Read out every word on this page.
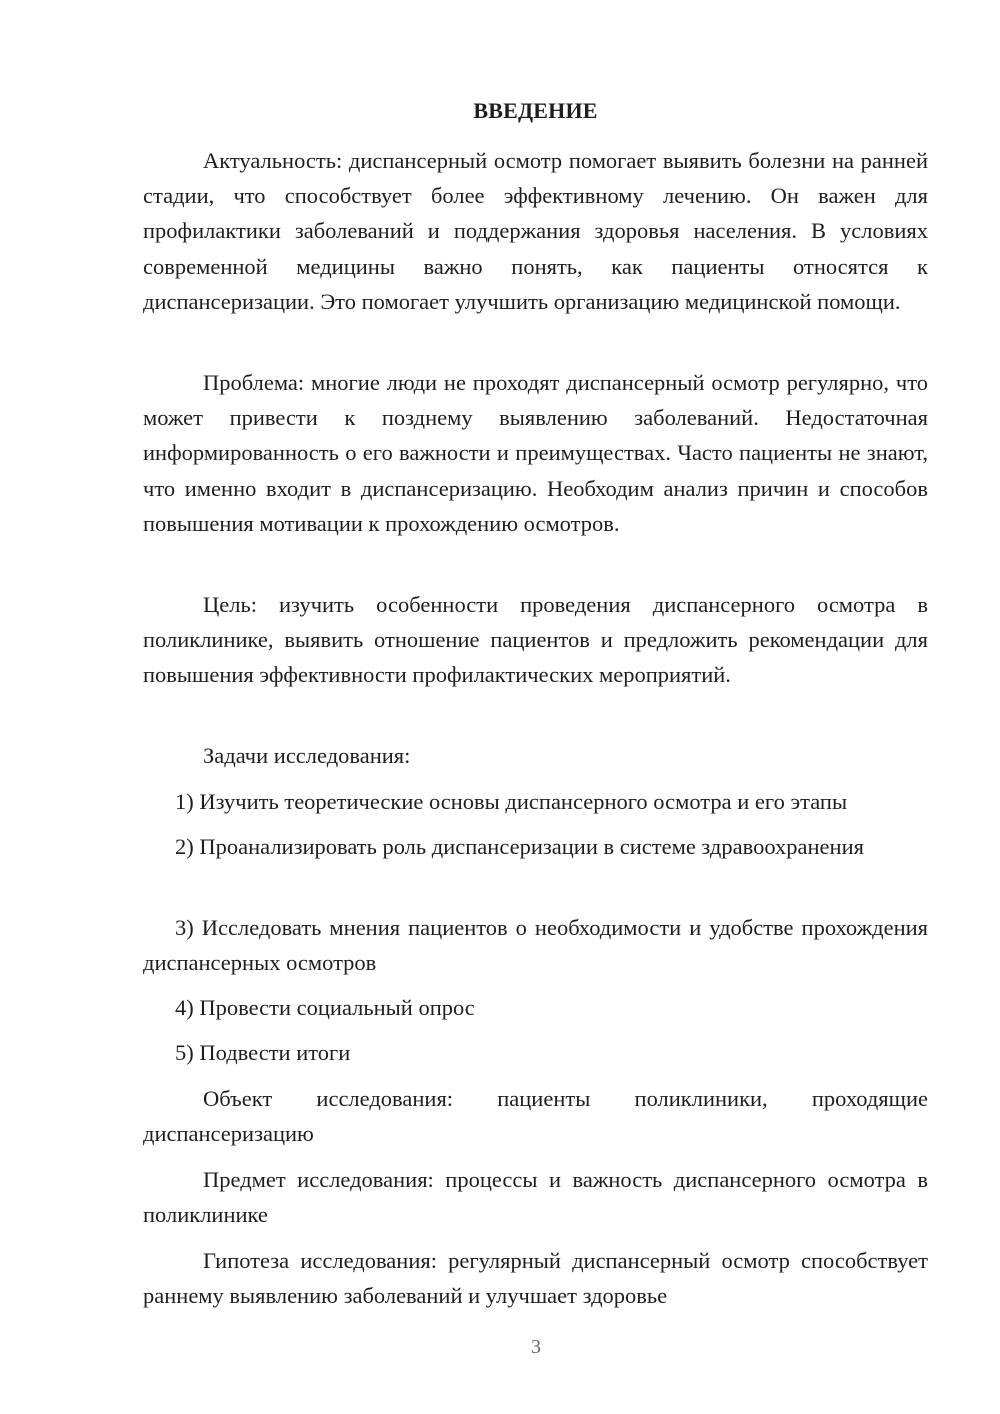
ВВЕДЕНИЕ

Актуальность: диспансерный осмотр помогает выявить болезни на ранней стадии, что способствует более эффективному лечению. Он важен для профилактики заболеваний и поддержания здоровья населения. В условиях современной медицины важно понять, как пациенты относятся к диспансеризации. Это помогает улучшить организацию медицинской помощи.

Проблема: многие люди не проходят диспансерный осмотр регулярно, что может привести к позднему выявлению заболеваний. Недостаточная информированность о его важности и преимуществах. Часто пациенты не знают, что именно входит в диспансеризацию. Необходим анализ причин и способов повышения мотивации к прохождению осмотров.

Цель: изучить особенности проведения диспансерного осмотра в поликлинике, выявить отношение пациентов и предложить рекомендации для повышения эффективности профилактических мероприятий.

Задачи исследования:

1) Изучить теоретические основы диспансерного осмотра и его этапы

2) Проанализировать роль диспансеризации в системе здравоохранения

3) Исследовать мнения пациентов о необходимости и удобстве прохождения диспансерных осмотров

4) Провести социальный опрос

5) Подвести итоги

Объект исследования: пациенты поликлиники, проходящие диспансеризацию

Предмет исследования: процессы и важность диспансерного осмотра в поликлинике

Гипотеза исследования: регулярный диспансерный осмотр способствует раннему выявлению заболеваний и улучшает здоровье

3
